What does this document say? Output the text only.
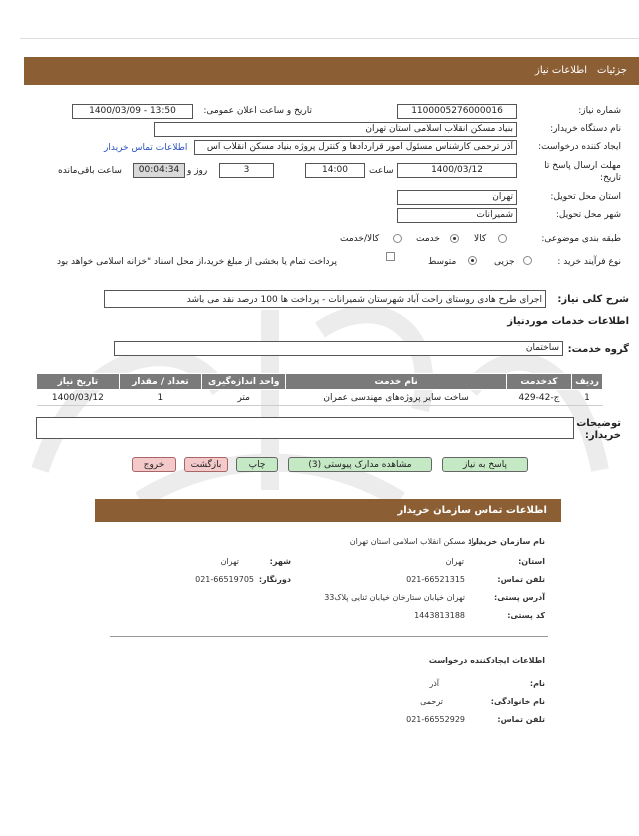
جزئیات
اطلاعات نیاز
شماره نیاز:
1100005276000016
تاریخ و ساعت اعلان عمومی:
1400/03/09 - 13:50
نام دستگاه خریدار:
بنیاد مسکن انقلاب اسلامی استان تهران
ایجاد کننده درخواست:
آذر ترحمی کارشناس مسئول امور قراردادها و کنترل پروژه بنیاد مسکن انقلاب اس
اطلاعات تماس خریدار
مهلت ارسال پاسخ تا تاریخ:
1400/03/12
ساعت
14:00
3
روز و
00:04:34
ساعت باقی‌مانده
استان محل تحویل:
تهران
شهر محل تحویل:
شمیرانات
طبقه بندی موضوعی:
کالا
خدمت
کالا/خدمت
نوع فرآیند خرید :
جزیی
متوسط
پرداخت تمام یا بخشی از مبلغ خرید،از محل اسناد "خزانه اسلامی خواهد بود
شرح کلی نیاز:
اجرای طرح هادی روستای راحت آباد شهرستان شمیرانات - پرداخت ها 100 درصد نقد می باشد
اطلاعات خدمات موردنیاز
گروه خدمت:
ساختمان
ردیف	کدخدمت	نام خدمت	واحد اندازه‌گیری	تعداد / مقدار	تاریخ نیاز
1	ج-42-429	ساخت سایر پروژه‌های مهندسی عمران	متر	1	1400/03/12
توضیحات خریدار:
پاسخ به نیاز
مشاهده مدارک پیوستی (3)
چاپ
بازگشت
خروج
اطلاعات تماس سازمان خریدار
نام سازمان خریدار:
بنیاد مسکن انقلاب اسلامی استان تهران
استان:
تهران
شهر:
تهران
تلفن تماس:
021-66521315
دورنگار:
021-66519705
آدرس پستی:
تهران خیابان ستارخان خیابان ثنایی پلاک33
کد پستی:
1443813188
اطلاعات ایجادکننده درخواست
نام:
آذر
نام خانوادگی:
ترحمی
تلفن تماس:
021-66552929
